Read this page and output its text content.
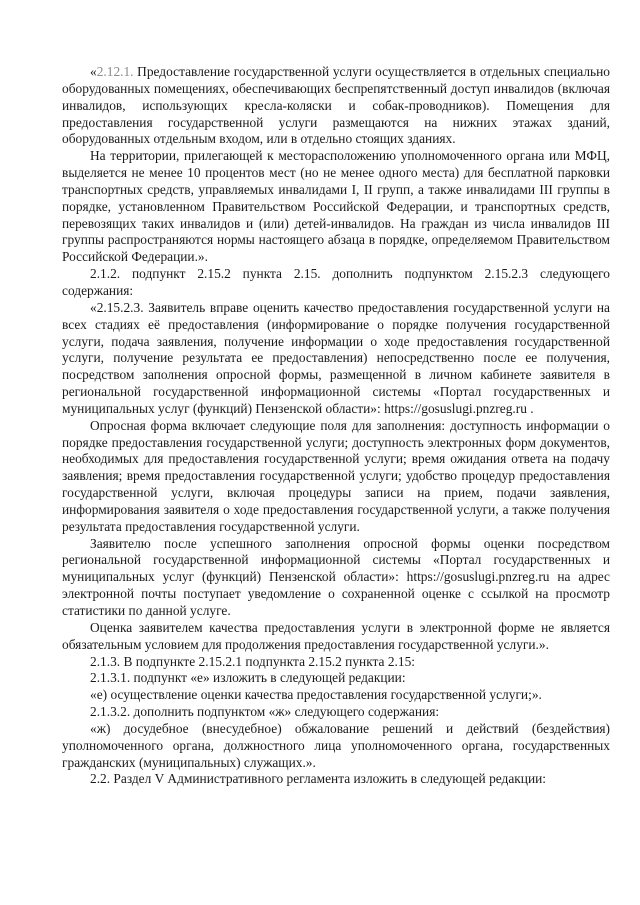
«2.12.1. Предоставление государственной услуги осуществляется в отдельных специально оборудованных помещениях, обеспечивающих беспрепятственный доступ инвалидов (включая инвалидов, использующих кресла-коляски и собак-проводников). Помещения для предоставления государственной услуги размещаются на нижних этажах зданий, оборудованных отдельным входом, или в отдельно стоящих зданиях.

На территории, прилегающей к месторасположению уполномоченного органа или МФЦ, выделяется не менее 10 процентов мест (но не менее одного места) для бесплатной парковки транспортных средств, управляемых инвалидами I, II групп, а также инвалидами III группы в порядке, установленном Правительством Российской Федерации, и транспортных средств, перевозящих таких инвалидов и (или) детей-инвалидов. На граждан из числа инвалидов III группы распространяются нормы настоящего абзаца в порядке, определяемом Правительством Российской Федерации.».

2.1.2. подпункт 2.15.2 пункта 2.15. дополнить подпунктом 2.15.2.3 следующего содержания:

«2.15.2.3. Заявитель вправе оценить качество предоставления государственной услуги на всех стадиях её предоставления (информирование о порядке получения государственной услуги, подача заявления, получение информации о ходе предоставления государственной услуги, получение результата ее предоставления) непосредственно после ее получения, посредством заполнения опросной формы, размещенной в личном кабинете заявителя в региональной государственной информационной системы «Портал государственных и муниципальных услуг (функций) Пензенской области»: https://gosuslugi.pnzreg.ru .

Опросная форма включает следующие поля для заполнения: доступность информации о порядке предоставления государственной услуги; доступность электронных форм документов, необходимых для предоставления государственной услуги; время ожидания ответа на подачу заявления; время предоставления государственной услуги; удобство процедур предоставления государственной услуги, включая процедуры записи на прием, подачи заявления, информирования заявителя о ходе предоставления государственной услуги, а также получения результата предоставления государственной услуги.

Заявителю после успешного заполнения опросной формы оценки посредством региональной государственной информационной системы «Портал государственных и муниципальных услуг (функций) Пензенской области»: https://gosuslugi.pnzreg.ru на адрес электронной почты поступает уведомление о сохраненной оценке с ссылкой на просмотр статистики по данной услуге.

Оценка заявителем качества предоставления услуги в электронной форме не является обязательным условием для продолжения предоставления государственной услуги.».

2.1.3. В подпункте 2.15.2.1 подпункта 2.15.2 пункта 2.15:

2.1.3.1. подпункт «е» изложить в следующей редакции:

«е) осуществление оценки качества предоставления государственной услуги;».

2.1.3.2. дополнить подпунктом «ж» следующего содержания:

«ж) досудебное (внесудебное) обжалование решений и действий (бездействия) уполномоченного органа, должностного лица уполномоченного органа, государственных гражданских (муниципальных) служащих.».

2.2. Раздел V Административного регламента изложить в следующей редакции:
